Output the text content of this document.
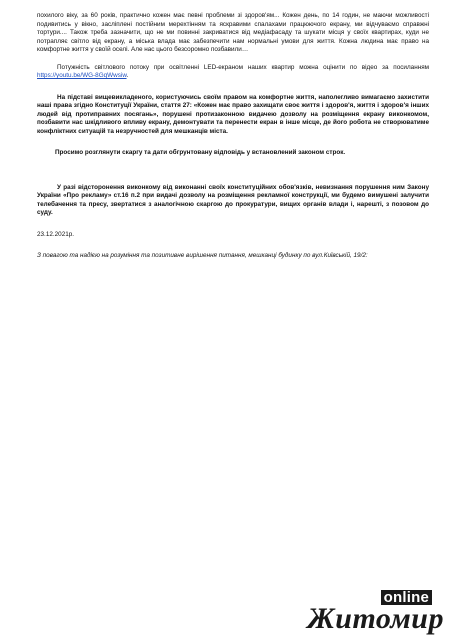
похилого віку, за 60 років, практично кожен має певні проблеми зі здоров'ям... Кожен день, по 14 годин, не маючи можливості подивитись у вікно, засліплені постійним мерехтінням та яскравими спалахами працюючого екрану, ми відчуваємо справжні тортури.... Також треба зазначити, що не ми повинні закриватися від медіафасаду та шукати місця у своїх квартирах, куди не потрапляє світло від екрану, а міська влада має забезпечити нам нормальні умови для життя. Кожна людина має право на комфортне життя у своїй оселі. Але нас цього безсоромно позбавили…

Потужність світлового потоку при освітленні LED-екраном наших квартир можна оцінити по відео за посиланням https://youtu.be/WG-8GqWwsiw.

На підставі вищевикладеного, користуючись своїм правом на комфортне життя, наполегливо вимагаємо захистити наші права згідно Конституції України, стаття 27: «Кожен має право захищати своє життя і здоров'я, життя і здоров'я інших людей від протиправних посягань», порушені протизаконною видачею дозволу на розміщення екрану виконкомом, позбавити нас шкідливого впливу екрану, демонтувати та перенести екран в інше місце, де його робота не створюватиме конфліктних ситуацій та незручностей для мешканців міста.

Просимо розглянути скаргу та дати обгрунтовану відповідь у встановлений законом строк.

У разі відсторонення виконкому від виконанні своїх конституційних обов'язків, невизнання порушення ним Закону України «Про рекламу» ст.16 п.2 при видачі дозволу на розміщення рекламної конструкції, ми будемо вимушені залучити телебачення та пресу, звертатися з аналогічною скаргою до прокуратури, вищих органів влади і, нарешті, з позовом до суду.

23.12.2021р.

З повагою та надією на розуміння та позитивне вирішення питання, мешканці будинку по вул.Київській, 19/2:

online
Житомир
